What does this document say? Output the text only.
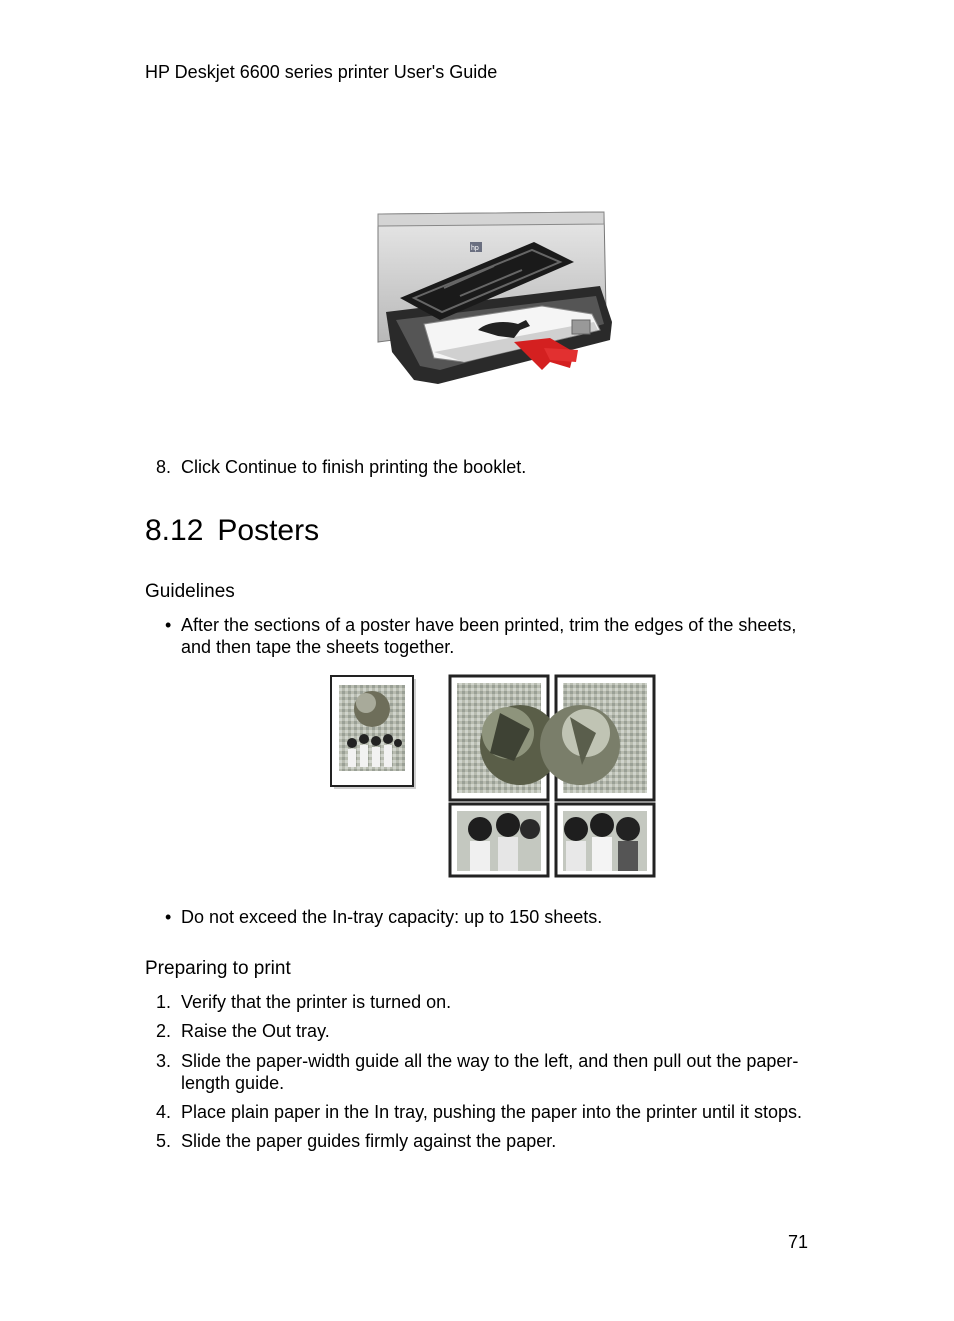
HP Deskjet 6600 series printer User's Guide
hp
8. Click Continue to finish printing the booklet.
8.12 Posters
Guidelines
• After the sections of a poster have been printed, trim the edges of the sheets, and then tape the sheets together.
• Do not exceed the In-tray capacity: up to 150 sheets.
Preparing to print
1. Verify that the printer is turned on.
2. Raise the Out tray.
3. Slide the paper-width guide all the way to the left, and then pull out the paper-length guide.
4. Place plain paper in the In tray, pushing the paper into the printer until it stops.
5. Slide the paper guides firmly against the paper.
71
